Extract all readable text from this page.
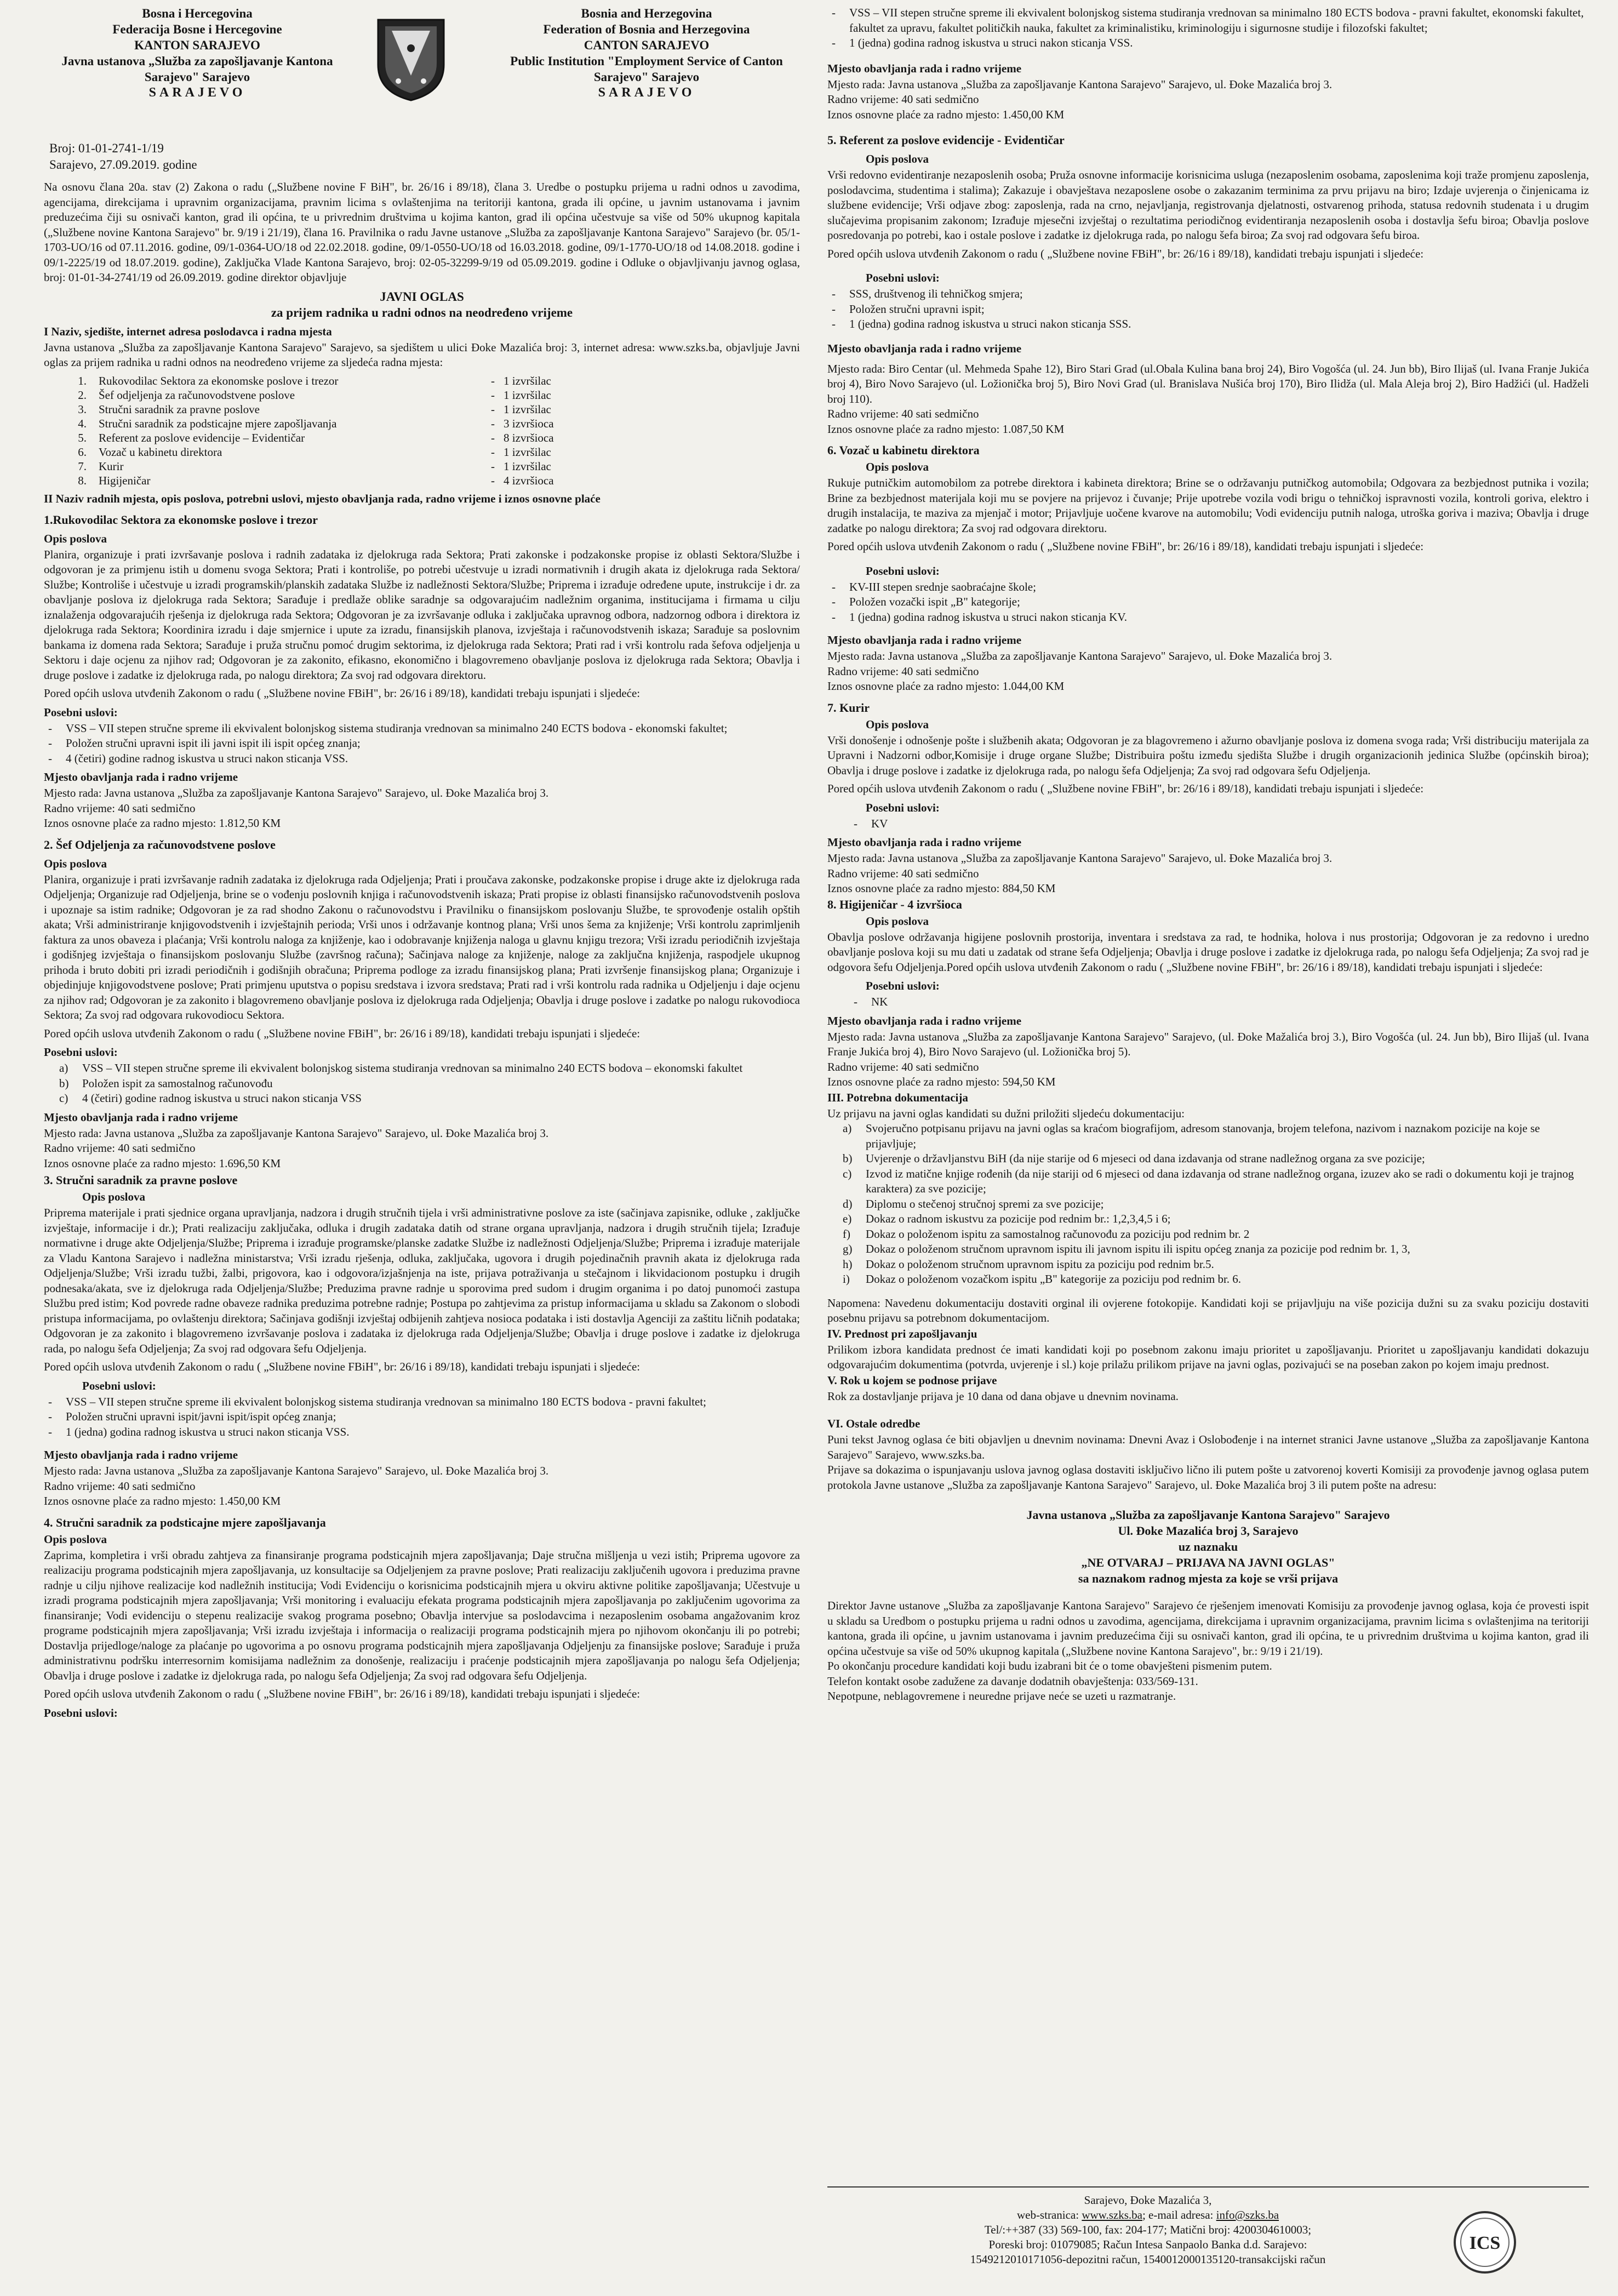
Bosna i Hercegovina
Federacija Bosne i Hercegovine
KANTON SARAJEVO
Javna ustanova „Služba za zapošljavanje Kantona
Sarajevo" Sarajevo
SARAJEVO
Bosnia and Herzegovina
Federation of Bosnia and Herzegovina
CANTON SARAJEVO
Public Institution "Employment Service of Canton
Sarajevo" Sarajevo
SARAJEVO
Broj: 01-01-2741-1/19
Sarajevo, 27.09.2019. godine
Na osnovu člana 20a. stav (2) Zakona o radu („Službene novine F BiH", br. 26/16 i 89/18), člana 3. Uredbe o postupku prijema u radni odnos u zavodima, agencijama, direkcijama i upravnim organizacijama, pravnim licima s ovlaštenjima na teritoriji kantona, grada ili općine, u javnim ustanovama i javnim preduzećima čiji su osnivači kanton, grad ili općina, te u privrednim društvima u kojima kanton, grad ili općina učestvuje sa više od 50% ukupnog kapitala („Službene novine Kantona Sarajevo" br. 9/19 i 21/19), člana 16. Pravilnika o radu Javne ustanove „Služba za zapošljavanje Kantona Sarajevo" Sarajevo (br. 05/1-1703-UO/16 od 07.11.2016. godine, 09/1-0364-UO/18 od 22.02.2018. godine, 09/1-0550-UO/18 od 16.03.2018. godine, 09/1-1770-UO/18 od 14.08.2018. godine i 09/1-2225/19 od 18.07.2019. godine), Zaključka Vlade Kantona Sarajevo, broj: 02-05-32299-9/19 od 05.09.2019. godine i Odluke o objavljivanju javnog oglasa, broj: 01-01-34-2741/19 od 26.09.2019. godine direktor objavljuje
JAVNI OGLAS
za prijem radnika u radni odnos na neodređeno vrijeme
I Naziv, sjedište, internet adresa poslodavca i radna mjesta
Javna ustanova „Služba za zapošljavanje Kantona Sarajevo" Sarajevo, sa sjedištem u ulici Đoke Mazalića broj: 3, internet adresa: www.szks.ba, objavljuje Javni oglas za prijem radnika u radni odnos na neodređeno vrijeme za sljedeća radna mjesta:
1.	Rukovodilac Sektora za ekonomske poslove i trezor	-	1 izvršilac
2.	Šef odjeljenja za računovodstvene poslove	-	1 izvršilac
3.	Stručni saradnik za pravne poslove	-	1 izvršilac
4.	Stručni saradnik za podsticajne mjere zapošljavanja	-	3 izvršioca
5.	Referent za poslove evidencije – Evidentičar	-	8 izvršioca
6.	Vozač u kabinetu direktora	-	1 izvršilac
7.	Kurir	-	1 izvršilac
8.	Higijeničar	-	4 izvršioca
II Naziv radnih mjesta, opis poslova, potrebni uslovi, mjesto obavljanja rada, radno vrijeme i iznos osnovne plaće
1.Rukovodilac Sektora za ekonomske poslove i trezor
Opis poslova
Planira, organizuje i prati izvršavanje poslova i radnih zadataka iz djelokruga rada Sektora; Prati zakonske i podzakonske propise iz oblasti Sektora/Službe i odgovoran je za primjenu istih u domenu svoga Sektora; Prati i kontroliše, po potrebi učestvuje u izradi normativnih i drugih akata iz djelokruga rada Sektora/ Službe; Kontroliše i učestvuje u izradi programskih/planskih zadataka Službe iz nadležnosti Sektora/Službe; Priprema i izrađuje određene upute, instrukcije i dr. za obavljanje poslova iz djelokruga rada Sektora; Sarađuje i predlaže oblike saradnje sa odgovarajućim nadležnim organima, institucijama i firmama u cilju iznalaženja odgovarajućih rješenja iz djelokruga rada Sektora; Odgovoran je za izvršavanje odluka i zaključaka upravnog odbora, nadzornog odbora i direktora iz djelokruga rada Sektora; Koordinira izradu i daje smjernice i upute za izradu, finansijskih planova, izvještaja i računovodstvenih iskaza; Sarađuje sa poslovnim bankama iz domena rada Sektora; Sarađuje i pruža stručnu pomoć drugim sektorima, iz djelokruga rada Sektora; Prati rad i vrši kontrolu rada šefova odjeljenja u Sektoru i daje ocjenu za njihov rad; Odgovoran je za zakonito, efikasno, ekonomično i blagovremeno obavljanje poslova iz djelokruga rada Sektora; Obavlja i druge poslove i zadatke iz djelokruga rada, po nalogu direktora; Za svoj rad odgovara direktoru.
Pored općih uslova utvđenih Zakonom o radu ( „Službene novine FBiH", br: 26/16 i 89/18), kandidati trebaju ispunjati i sljedeće:
Posebni uslovi:
- VSS – VII stepen stručne spreme ili ekvivalent bolonjskog sistema studiranja vrednovan sa minimalno 240 ECTS bodova - ekonomski fakultet;
- Položen stručni upravni ispit ili javni ispit ili ispit općeg znanja;
- 4 (četiri) godine radnog iskustva u struci nakon sticanja VSS.
Mjesto obavljanja rada i radno vrijeme
Mjesto rada: Javna ustanova „Služba za zapošljavanje Kantona Sarajevo" Sarajevo, ul. Đoke Mazalića broj 3.
Radno vrijeme: 40 sati sedmično
Iznos osnovne plaće za radno mjesto: 1.812,50 KM
2. Šef Odjeljenja za računovodstvene poslove
Opis poslova
Planira, organizuje i prati izvršavanje radnih zadataka iz djelokruga rada Odjeljenja; Prati i proučava zakonske, podzakonske propise i druge akte iz djelokruga rada Odjeljenja; Organizuje rad Odjeljenja, brine se o vođenju poslovnih knjiga i računovodstvenih iskaza; Prati propise iz oblasti finansijsko računovodstvenih poslova i upoznaje sa istim radnike; Odgovoran je za rad shodno Zakonu o računovodstvu i Pravilniku o finansijskom poslovanju Službe, te sprovođenje ostalih opštih akata; Vrši administriranje knjigovodstvenih i izvještajnih perioda; Vrši unos i održavanje kontnog plana; Vrši unos šema za knjiženje; Vrši kontrolu zaprimljenih faktura za unos obaveza i plaćanja; Vrši kontrolu naloga za knjiženje, kao i odobravanje knjiženja naloga u glavnu knjigu trezora; Vrši izradu periodičnih izvještaja i godišnjeg izvještaja o finansijskom poslovanju Službe (završnog računa); Sačinjava naloge za knjiženje, naloge za zaključna knjiženja, raspodjele ukupnog prihoda i bruto dobiti pri izradi periodičnih i godišnjih obračuna; Priprema podloge za izradu finansijskog plana; Prati izvršenje finansijskog plana; Organizuje i objedinjuje knjigovodstvene poslove; Prati primjenu uputstva o popisu sredstava i izvora sredstava; Prati rad i vrši kontrolu rada radnika u Odjeljenju i daje ocjenu za njihov rad; Odgovoran je za zakonito i blagovremeno obavljanje poslova iz djelokruga rada Odjeljenja; Obavlja i druge poslove i zadatke po nalogu rukovodioca Sektora; Za svoj rad odgovara rukovodiocu Sektora.
Pored općih uslova utvđenih Zakonom o radu ( „Službene novine FBiH", br: 26/16 i 89/18), kandidati trebaju ispunjati i sljedeće:
Posebni uslovi:
a) VSS – VII stepen stručne spreme ili ekvivalent bolonjskog sistema studiranja vrednovan sa minimalno 240 ECTS bodova – ekonomski fakultet
b) Položen ispit za samostalnog računovođu
c) 4 (četiri) godine radnog iskustva u struci nakon sticanja VSS
Mjesto obavljanja rada i radno vrijeme
Mjesto rada: Javna ustanova „Služba za zapošljavanje Kantona Sarajevo" Sarajevo, ul. Đoke Mazalića broj 3.
Radno vrijeme: 40 sati sedmično
Iznos osnovne plaće za radno mjesto: 1.696,50 KM
3. Stručni saradnik za pravne poslove
Opis poslova
Priprema materijale i prati sjednice organa upravljanja, nadzora i drugih stručnih tijela i vrši administrativne poslove za iste (sačinjava zapisnike, odluke , zaključke izvještaje, informacije i dr.); Prati realizaciju zaključaka, odluka i drugih zadataka datih od strane organa upravljanja, nadzora i drugih stručnih tijela; Izrađuje normativne i druge akte Odjeljenja/Službe; Priprema i izrađuje programske/planske zadatke Službe iz nadležnosti Odjeljenja/Službe; Priprema i izrađuje materijale za Vladu Kantona Sarajevo i nadležna ministarstva; Vrši izradu rješenja, odluka, zaključaka, ugovora i drugih pojedinačnih pravnih akata iz djelokruga rada Odjeljenja/Službe; Vrši izradu tužbi, žalbi, prigovora, kao i odgovora/izjašnjenja na iste, prijava potraživanja u stečajnom i likvidacionom postupku i drugih podnesaka/akata, sve iz djelokruga rada Odjeljenja/Službe; Preduzima pravne radnje u sporovima pred sudom i drugim organima i po datoj punomoći zastupa Službu pred istim; Kod povrede radne obaveze radnika preduzima potrebne radnje; Postupa po zahtjevima za pristup informacijama u skladu sa Zakonom o slobodi pristupa informacijama, po ovlaštenju direktora; Sačinjava godišnji izvještaj odbijenih zahtjeva nosioca podataka i isti dostavlja Agenciji za zaštitu ličnih podataka; Odgovoran je za zakonito i blagovremeno izvršavanje poslova i zadataka iz djelokruga rada Odjeljenja/Službe; Obavlja i druge poslove i zadatke iz djelokruga rada, po nalogu šefa Odjeljenja; Za svoj rad odgovara šefu Odjeljenja.
Pored općih uslova utvđenih Zakonom o radu ( „Službene novine FBiH", br: 26/16 i 89/18), kandidati trebaju ispunjati i sljedeće:
Posebni uslovi:
- VSS – VII stepen stručne spreme ili ekvivalent bolonjskog sistema studiranja vrednovan sa minimalno 180 ECTS bodova - pravni fakultet;
- Položen stručni upravni ispit/javni ispit/ispit općeg znanja;
- 1 (jedna) godina radnog iskustva u struci nakon sticanja VSS.
Mjesto obavljanja rada i radno vrijeme
Mjesto rada: Javna ustanova „Služba za zapošljavanje Kantona Sarajevo" Sarajevo, ul. Đoke Mazalića broj 3.
Radno vrijeme: 40 sati sedmično
Iznos osnovne plaće za radno mjesto: 1.450,00 KM
4. Stručni saradnik za podsticajne mjere zapošljavanja
Opis poslova
Zaprima, kompletira i vrši obradu zahtjeva za finansiranje programa podsticajnih mjera zapošljavanja; Daje stručna mišljenja u vezi istih; Priprema ugovore za realizaciju programa podsticajnih mjera zapošljavanja, uz konsultacije sa Odjeljenjem za pravne poslove; Prati realizaciju zaključenih ugovora i preduzima pravne radnje u cilju njihove realizacije kod nadležnih institucija; Vodi Evidenciju o korisnicima podsticajnih mjera u okviru aktivne politike zapošljavanja; Učestvuje u izradi programa podsticajnih mjera zapošljavanja; Vrši monitoring i evaluaciju efekata programa podsticajnih mjera zapošljavanja po zaključenim ugovorima za finansiranje; Vodi evidenciju o stepenu realizacije svakog programa posebno; Obavlja intervjue sa poslodavcima i nezaposlenim osobama angažovanim kroz programe podsticajnih mjera zapošljavanja; Vrši izradu izvještaja i informacija o realizaciji programa podsticajnih mjera po njihovom okončanju ili po potrebi; Dostavlja prijedloge/naloge za plaćanje po ugovorima a po osnovu programa podsticajnih mjera zapošljavanja Odjeljenju za finansijske poslove; Sarađuje i pruža administrativnu podršku interresornim komisijama nadležnim za donošenje, realizaciju i praćenje podsticajnih mjera zapošljavanja po nalogu šefa Odjeljenja; Obavlja i druge poslove i zadatke iz djelokruga rada, po nalogu šefa Odjeljenja; Za svoj rad odgovara šefu Odjeljenja.
Pored općih uslova utvđenih Zakonom o radu ( „Službene novine FBiH", br: 26/16 i 89/18), kandidati trebaju ispunjati i sljedeće:
Posebni uslovi:
- VSS – VII stepen stručne spreme ili ekvivalent bolonjskog sistema studiranja vrednovan sa minimalno 180 ECTS bodova - pravni fakultet, ekonomski fakultet, fakultet za upravu, fakultet političkih nauka, fakultet za kriminalistiku, kriminologiju i sigurnosne studije i filozofski fakultet;
- 1 (jedna) godina radnog iskustva u struci nakon sticanja VSS.
Mjesto obavljanja rada i radno vrijeme
Mjesto rada: Javna ustanova „Služba za zapošljavanje Kantona Sarajevo" Sarajevo, ul. Đoke Mazalića broj 3.
Radno vrijeme: 40 sati sedmično
Iznos osnovne plaće za radno mjesto: 1.450,00 KM
5. Referent za poslove evidencije - Evidentičar
Opis poslova
Vrši redovno evidentiranje nezaposlenih osoba; Pruža osnovne informacije korisnicima usluga (nezaposlenim osobama, zaposlenima koji traže promjenu zaposlenja, poslodavcima, studentima i stalima); Zakazuje i obavještava nezaposlene osobe o zakazanim terminima za prvu prijavu na biro; Izdaje uvjerenja o činjenicama iz službene evidencije; Vrši odjave zbog: zaposlenja, rada na crno, nejavljanja, registrovanja djelatnosti, ostvarenog prihoda, statusa redovnih studenata i u drugim slučajevima propisanim zakonom; Izrađuje mjesečni izvještaj o rezultatima periodičnog evidentiranja nezaposlenih osoba i dostavlja šefu biroa; Obavlja poslove posredovanja po potrebi, kao i ostale poslove i zadatke iz djelokruga rada, po nalogu šefa biroa; Za svoj rad odgovara šefu biroa.
Pored općih uslova utvđenih Zakonom o radu ( „Službene novine FBiH", br: 26/16 i 89/18), kandidati trebaju ispunjati i sljedeće:
Posebni uslovi:
- SSS, društvenog ili tehničkog smjera;
- Položen stručni upravni ispit;
- 1 (jedna) godina radnog iskustva u struci nakon sticanja SSS.
Mjesto obavljanja rada i radno vrijeme
Mjesto rada: Biro Centar (ul. Mehmeda Spahe 12), Biro Stari Grad (ul.Obala Kulina bana broj 24), Biro Vogošća (ul. 24. Jun bb), Biro Ilijaš (ul. Ivana Franje Jukića broj 4), Biro Novo Sarajevo (ul. Ložionička broj 5), Biro Novi Grad (ul. Branislava Nušića broj 170), Biro Ilidža (ul. Mala Aleja broj 2), Biro Hadžići (ul. Hadželi broj 110).
Radno vrijeme: 40 sati sedmično
Iznos osnovne plaće za radno mjesto: 1.087,50 KM
6. Vozač u kabinetu direktora
Opis poslova
Rukuje putničkim automobilom za potrebe direktora i kabineta direktora; Brine se o održavanju putničkog automobila; Odgovara za bezbjednost putnika i vozila; Brine za bezbjednost materijala koji mu se povjere na prijevoz i čuvanje; Prije upotrebe vozila vodi brigu o tehničkoj ispravnosti vozila, kontroli goriva, elektro i drugih instalacija, te maziva za mjenjač i motor; Prijavljuje uočene kvarove na automobilu; Vodi evidenciju putnih naloga, utroška goriva i maziva; Obavlja i druge zadatke po nalogu direktora; Za svoj rad odgovara direktoru.
Pored općih uslova utvđenih Zakonom o radu ( „Službene novine FBiH", br: 26/16 i 89/18), kandidati trebaju ispunjati i sljedeće:
Posebni uslovi:
- KV-III stepen srednje saobraćajne škole;
- Položen vozački ispit „B" kategorije;
- 1 (jedna) godina radnog iskustva u struci nakon sticanja KV.
Mjesto obavljanja rada i radno vrijeme
Mjesto rada: Javna ustanova „Služba za zapošljavanje Kantona Sarajevo" Sarajevo, ul. Đoke Mazalića broj 3.
Radno vrijeme: 40 sati sedmično
Iznos osnovne plaće za radno mjesto: 1.044,00 KM
7. Kurir
Opis poslova
Vrši donošenje i odnošenje pošte i službenih akata; Odgovoran je za blagovremeno i ažurno obavljanje poslova iz domena svoga rada; Vrši distribuciju materijala za Upravni i Nadzorni odbor,Komisije i druge organe Službe; Distribuira poštu između sjedišta Službe i drugih organizacionih jedinica Službe (općinskih biroa); Obavlja i druge poslove i zadatke iz djelokruga rada, po nalogu šefa Odjeljenja; Za svoj rad odgovara šefu Odjeljenja.
Pored općih uslova utvđenih Zakonom o radu ( „Službene novine FBiH", br: 26/16 i 89/18), kandidati trebaju ispunjati i sljedeće:
Posebni uslovi:
- KV
Mjesto obavljanja rada i radno vrijeme
Mjesto rada: Javna ustanova „Služba za zapošljavanje Kantona Sarajevo" Sarajevo, ul. Đoke Mazalića broj 3.
Radno vrijeme: 40 sati sedmično
Iznos osnovne plaće za radno mjesto: 884,50 KM
8. Higijeničar - 4 izvršioca
Opis poslova
Obavlja poslove održavanja higijene poslovnih prostorija, inventara i sredstava za rad, te hodnika, holova i nus prostorija; Odgovoran je za redovno i uredno obavljanje poslova koji su mu dati u zadatak od strane šefa Odjeljenja; Obavlja i druge poslove i zadatke iz djelokruga rada, po nalogu šefa Odjeljenja; Za svoj rad je odgovora šefu Odjeljenja.Pored općih uslova utvđenih Zakonom o radu ( „Službene novine FBiH", br: 26/16 i 89/18), kandidati trebaju ispunjati i sljedeće:
Posebni uslovi:
- NK
Mjesto obavljanja rada i radno vrijeme
Mjesto rada: Javna ustanova „Služba za zapošljavanje Kantona Sarajevo" Sarajevo, (ul. Đoke Mažalića broj 3.), Biro Vogošća (ul. 24. Jun bb), Biro Ilijaš (ul. Ivana Franje Jukića broj 4), Biro Novo Sarajevo (ul. Ložionička broj 5).
Radno vrijeme: 40 sati sedmično
Iznos osnovne plaće za radno mjesto: 594,50 KM
III. Potrebna dokumentacija
Uz prijavu na javni oglas kandidati su dužni priložiti sljedeću dokumentaciju:
a) Svojeručno potpisanu prijavu na javni oglas sa kraćom biografijom, adresom stanovanja, brojem telefona, nazivom i naznakom pozicije na koje se prijavljuje;
b) Uvjerenje o državljanstvu BiH (da nije starije od 6 mjeseci od dana izdavanja od strane nadležnog organa za sve pozicije;
c) Izvod iz matične knjige rođenih (da nije stariji od 6 mjeseci od dana izdavanja od strane nadležnog organa, izuzev ako se radi o dokumentu koji je trajnog karaktera) za sve pozicije;
d) Diplomu o stečenoj stručnoj spremi za sve pozicije;
e) Dokaz o radnom iskustvu za pozicije pod rednim br.: 1,2,3,4,5 i 6;
f) Dokaz o položenom ispitu za samostalnog računovođu za poziciju pod rednim br. 2
g) Dokaz o položenom stručnom upravnom ispitu ili javnom ispitu ili ispitu općeg znanja za pozicije pod rednim br. 1, 3,
h) Dokaz o položenom stručnom upravnom ispitu za poziciju pod rednim br.5.
i) Dokaz o položenom vozačkom ispitu „B" kategorije za poziciju pod rednim br. 6.
Napomena: Navedenu dokumentaciju dostaviti orginal ili ovjerene fotokopije. Kandidati koji se prijavljuju na više pozicija dužni su za svaku poziciju dostaviti posebnu prijavu sa potrebnom dokumentacijom.
IV. Prednost pri zapošljavanju
Prilikom izbora kandidata prednost će imati kandidati koji po posebnom zakonu imaju prioritet u zapošljavanju. Prioritet u zapošljavanju kandidati dokazuju odgovarajućim dokumentima (potvrda, uvjerenje i sl.) koje prilažu prilikom prijave na javni oglas, pozivajući se na poseban zakon po kojem imaju prednost.
V. Rok u kojem se podnose prijave
Rok za dostavljanje prijava je 10 dana od dana objave u dnevnim novinama.
VI. Ostale odredbe
Puni tekst Javnog oglasa će biti objavljen u dnevnim novinama: Dnevni Avaz i Oslobođenje i na internet stranici Javne ustanove „Služba za zapošljavanje Kantona Sarajevo" Sarajevo, www.szks.ba.
Prijave sa dokazima o ispunjavanju uslova javnog oglasa dostaviti isključivo lično ili putem pošte u zatvorenoj koverti Komisiji za provođenje javnog oglasa putem protokola Javne ustanove „Služba za zapošljavanje Kantona Sarajevo" Sarajevo, ul. Đoke Mazalića broj 3 ili putem pošte na adresu:
Javna ustanova „Služba za zapošljavanje Kantona Sarajevo" Sarajevo
Ul. Đoke Mazalića broj 3, Sarajevo
uz naznaku
„NE OTVARAJ – PRIJAVA NA JAVNI OGLAS"
sa naznakom radnog mjesta za koje se vrši prijava
Direktor Javne ustanove „Služba za zapošljavanje Kantona Sarajevo" Sarajevo će rješenjem imenovati Komisiju za provođenje javnog oglasa, koja će provesti ispit u skladu sa Uredbom o postupku prijema u radni odnos u zavodima, agencijama, direkcijama i upravnim organizacijama, pravnim licima s ovlaštenjima na teritoriji kantona, grada ili općine, u javnim ustanovama i javnim preduzećima čiji su osnivači kanton, grad ili općina, te u privrednim društvima u kojima kanton, grad ili općina učestvuje sa više od 50% ukupnog kapitala („Službene novine Kantona Sarajevo", br.: 9/19 i 21/19).
Po okončanju procedure kandidati koji budu izabrani bit će o tome obavješteni pismenim putem.
Telefon kontakt osobe zadužene za davanje dodatnih obavještenja: 033/569-131.
Nepotpune, neblagovremene i neuredne prijave neće se uzeti u razmatranje.
Sarajevo, Đoke Mazalića 3,
web-stranica: www.szks.ba; e-mail adresa: info@szks.ba
Tel/:++387 (33) 569-100, fax: 204-177; Matični broj: 4200304610003;
Poreski broj: 01079085; Račun Intesa Sanpaolo Banka d.d. Sarajevo:
1549212010171056-depozitni račun, 1540012000135120-transakcijski račun
ICS
